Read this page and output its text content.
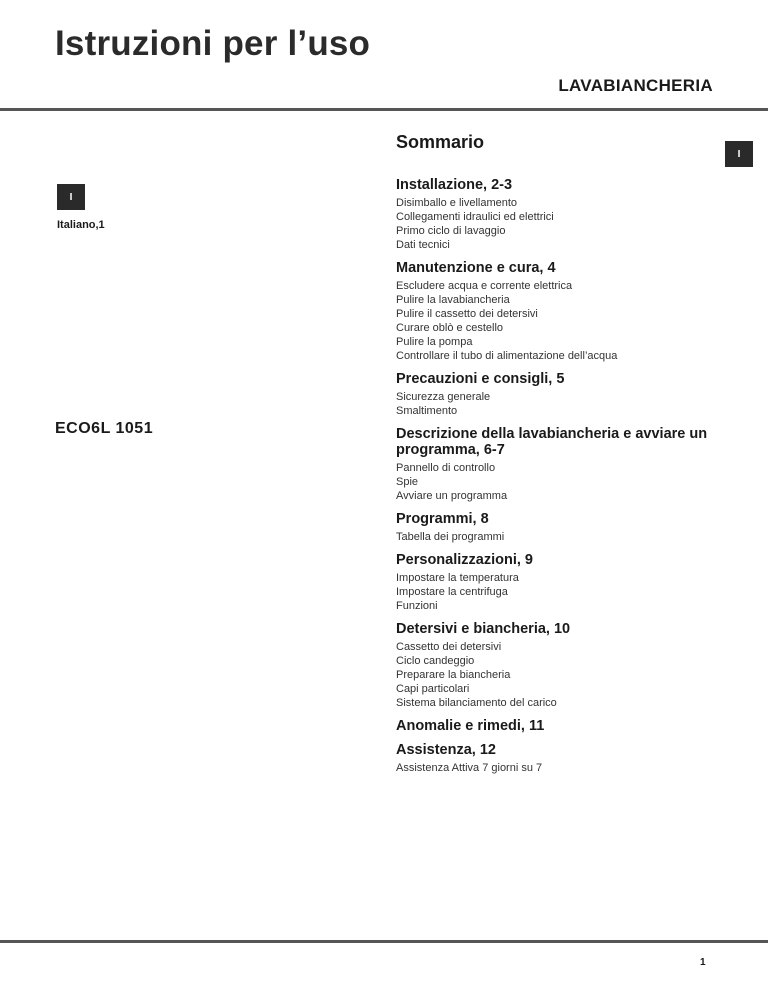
Istruzioni per l’uso
LAVABIANCHERIA
Sommario
I
I
Italiano,1
ECO6L 1051
Installazione, 2-3
Disimballo e livellamento
Collegamenti idraulici ed elettrici
Primo ciclo di lavaggio
Dati tecnici
Manutenzione e cura, 4
Escludere acqua e corrente elettrica
Pulire la lavabiancheria
Pulire il cassetto dei detersivi
Curare oblò e cestello
Pulire la pompa
Controllare il tubo di alimentazione dell’acqua
Precauzioni e consigli, 5
Sicurezza generale
Smaltimento
Descrizione della lavabiancheria e avviare un programma, 6-7
Pannello di controllo
Spie
Avviare un programma
Programmi, 8
Tabella dei programmi
Personalizzazioni, 9
Impostare la temperatura
Impostare la centrifuga
Funzioni
Detersivi e biancheria, 10
Cassetto dei detersivi
Ciclo candeggio
Preparare la biancheria
Capi particolari
Sistema bilanciamento del carico
Anomalie e rimedi, 11
Assistenza, 12
Assistenza Attiva 7 giorni su 7
1
